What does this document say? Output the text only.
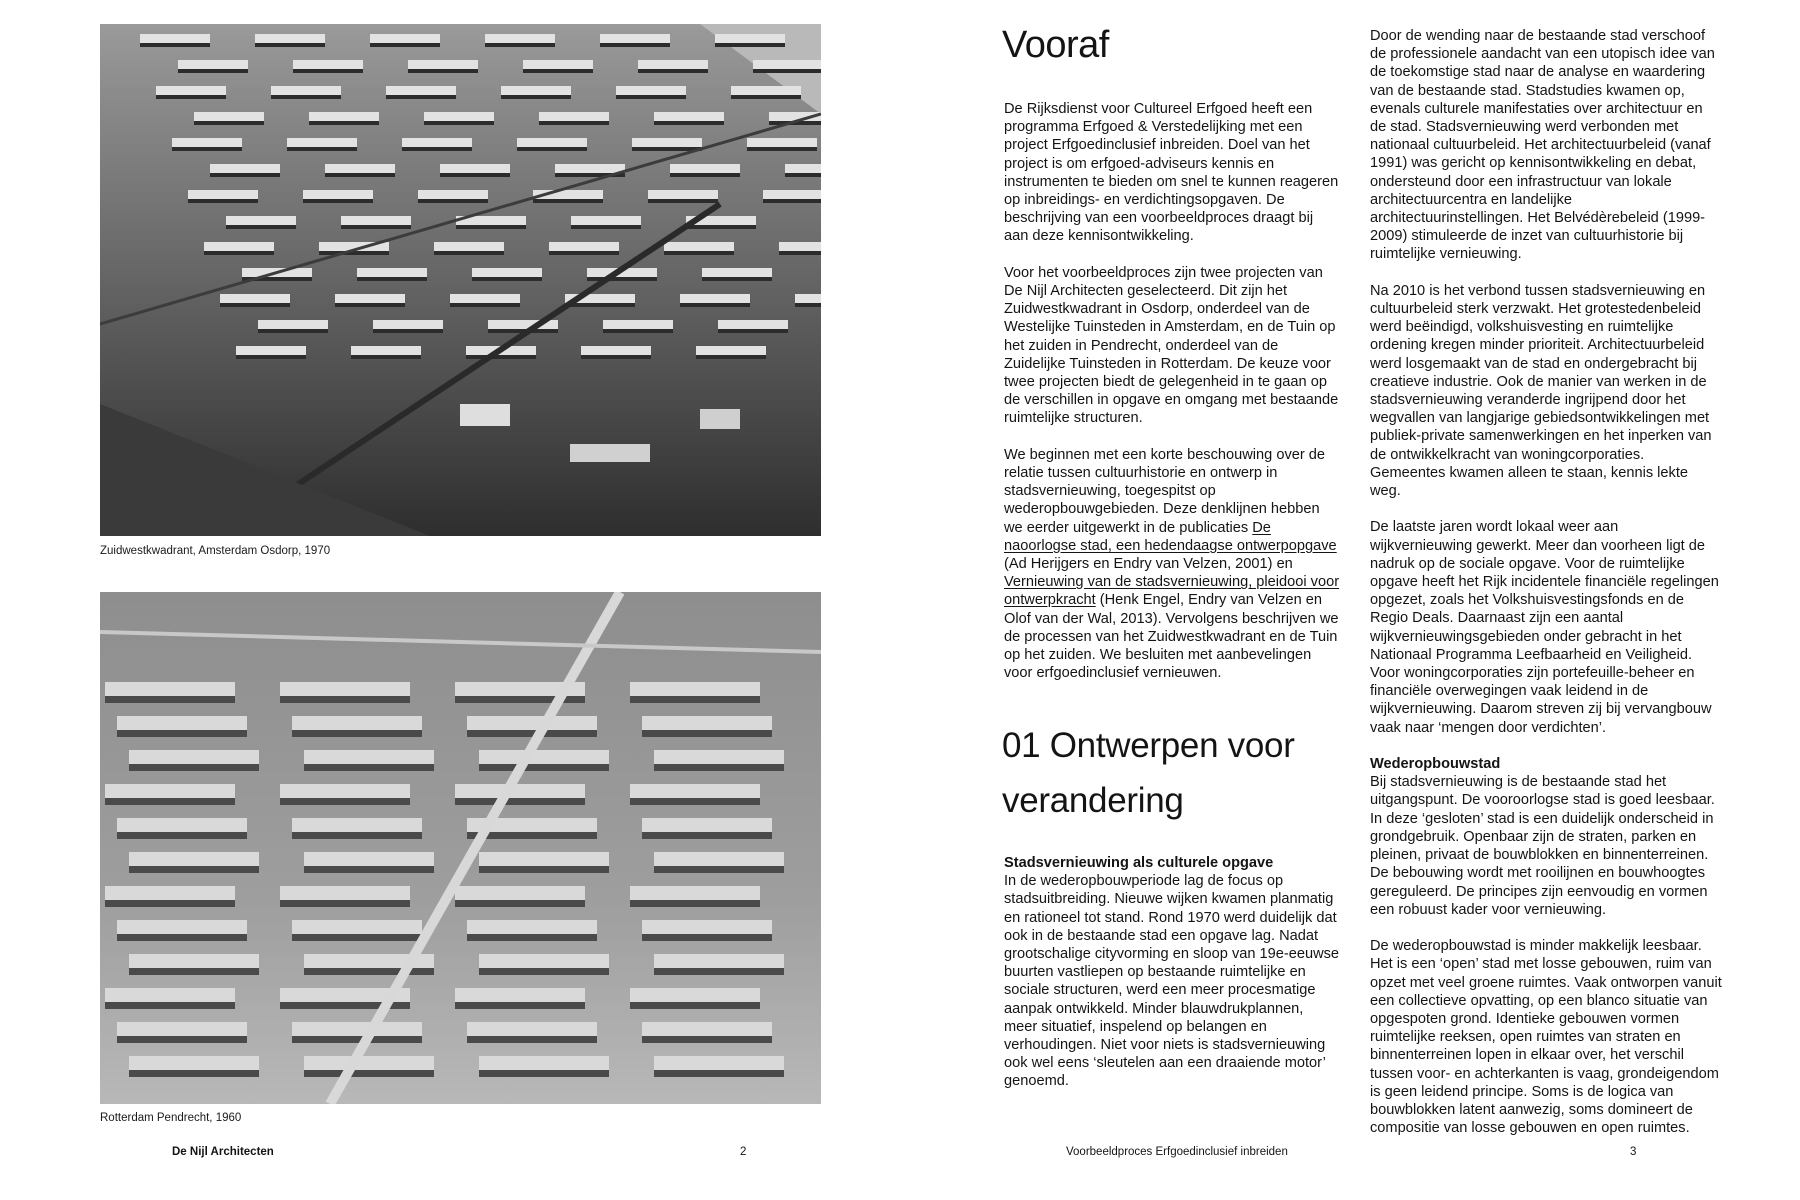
Zuidwestkwadrant, Amsterdam Osdorp, 1970
Rotterdam Pendrecht, 1960
Vooraf

De Rijksdienst voor Cultureel Erfgoed heeft een programma Erfgoed & Verstedelijking met een project Erfgoedinclusief inbreiden. Doel van het project is om erfgoed-adviseurs kennis en instrumenten te bieden om snel te kunnen reageren op inbreidings- en verdichtingsopgaven. De beschrijving van een voorbeeldproces draagt bij aan deze kennisontwikkeling.

Voor het voorbeeldproces zijn twee projecten van De Nijl Architecten geselecteerd. Dit zijn het Zuidwestkwadrant in Osdorp, onderdeel van de Westelijke Tuinsteden in Amsterdam, en de Tuin op het zuiden in Pendrecht, onderdeel van de Zuidelijke Tuinsteden in Rotterdam. De keuze voor twee projecten biedt de gelegenheid in te gaan op de verschillen in opgave en omgang met bestaande ruimtelijke structuren.

We beginnen met een korte beschouwing over de relatie tussen cultuurhistorie en ontwerp in stadsvernieuwing, toegespitst op wederopbouwgebieden. Deze denklijnen hebben we eerder uitgewerkt in de publicaties De naoorlogse stad, een hedendaagse ontwerpopgave (Ad Herijgers en Endry van Velzen, 2001) en Vernieuwing van de stadsvernieuwing, pleidooi voor ontwerpkracht (Henk Engel, Endry van Velzen en Olof van der Wal, 2013). Vervolgens beschrijven we de processen van het Zuidwestkwadrant en de Tuin op het zuiden. We besluiten met aanbevelingen voor erfgoedinclusief vernieuwen.

01 Ontwerpen voor verandering
Stadsvernieuwing als culturele opgave

In de wederopbouwperiode lag de focus op stadsuitbreiding. Nieuwe wijken kwamen planmatig en rationeel tot stand. Rond 1970 werd duidelijk dat ook in de bestaande stad een opgave lag. Nadat grootschalige cityvorming en sloop van 19e-eeuwse buurten vastliepen op bestaande ruimtelijke en sociale structuren, werd een meer procesmatige aanpak ontwikkeld. Minder blauwdrukplannen, meer situatief, inspelend op belangen en verhoudingen. Niet voor niets is stadsvernieuwing ook wel eens ‘sleutelen aan een draaiende motor’ genoemd.

Door de wending naar de bestaande stad verschoof de professionele aandacht van een utopisch idee van de toekomstige stad naar de analyse en waardering van de bestaande stad. Stadstudies kwamen op, evenals culturele manifestaties over architectuur en de stad. Stadsvernieuwing werd verbonden met nationaal cultuurbeleid. Het architectuurbeleid (vanaf 1991) was gericht op kennisontwikkeling en debat, ondersteund door een infrastructuur van lokale architectuurcentra en landelijke architectuurinstellingen. Het Belvédèrebeleid (1999-2009) stimuleerde de inzet van cultuurhistorie bij ruimtelijke vernieuwing.

Na 2010 is het verbond tussen stadsvernieuwing en cultuurbeleid sterk verzwakt. Het grotestedenbeleid werd beëindigd, volkshuisvesting en ruimtelijke ordening kregen minder prioriteit. Architectuurbeleid werd losgemaakt van de stad en ondergebracht bij creatieve industrie. Ook de manier van werken in de stadsvernieuwing veranderde ingrijpend door het wegvallen van langjarige gebiedsontwikkelingen met publiek-private samenwerkingen en het inperken van de ontwikkelkracht van woningcorporaties. Gemeentes kwamen alleen te staan, kennis lekte weg.

De laatste jaren wordt lokaal weer aan wijkvernieuwing gewerkt. Meer dan voorheen ligt de nadruk op de sociale opgave. Voor de ruimtelijke opgave heeft het Rijk incidentele financiële regelingen opgezet, zoals het Volkshuisvestingsfonds en de Regio Deals. Daarnaast zijn een aantal wijkvernieuwingsgebieden onder gebracht in het Nationaal Programma Leefbaarheid en Veiligheid. Voor woningcorporaties zijn portefeuille-beheer en financiële overwegingen vaak leidend in de wijkvernieuwing. Daarom streven zij bij vervangbouw vaak naar ‘mengen door verdichten’.

Wederopbouwstad

Bij stadsvernieuwing is de bestaande stad het uitgangspunt. De vooroorlogse stad is goed leesbaar. In deze ‘gesloten’ stad is een duidelijk onderscheid in grondgebruik. Openbaar zijn de straten, parken en pleinen, privaat de bouwblokken en binnenterreinen. De bebouwing wordt met rooilijnen en bouwhoogtes gereguleerd. De principes zijn eenvoudig en vormen een robuust kader voor vernieuwing.

De wederopbouwstad is minder makkelijk leesbaar. Het is een ‘open’ stad met losse gebouwen, ruim van opzet met veel groene ruimtes. Vaak ontworpen vanuit een collectieve opvatting, op een blanco situatie van opgespoten grond. Identieke gebouwen vormen ruimtelijke reeksen, open ruimtes van straten en binnenterreinen lopen in elkaar over, het verschil tussen voor- en achterkanten is vaag, grondeigendom is geen leidend principe. Soms is de logica van bouwblokken latent aanwezig, soms domineert de compositie van losse gebouwen en open ruimtes.

De Nijl Architecten	2	Voorbeeldproces Erfgoedinclusief inbreiden	3
